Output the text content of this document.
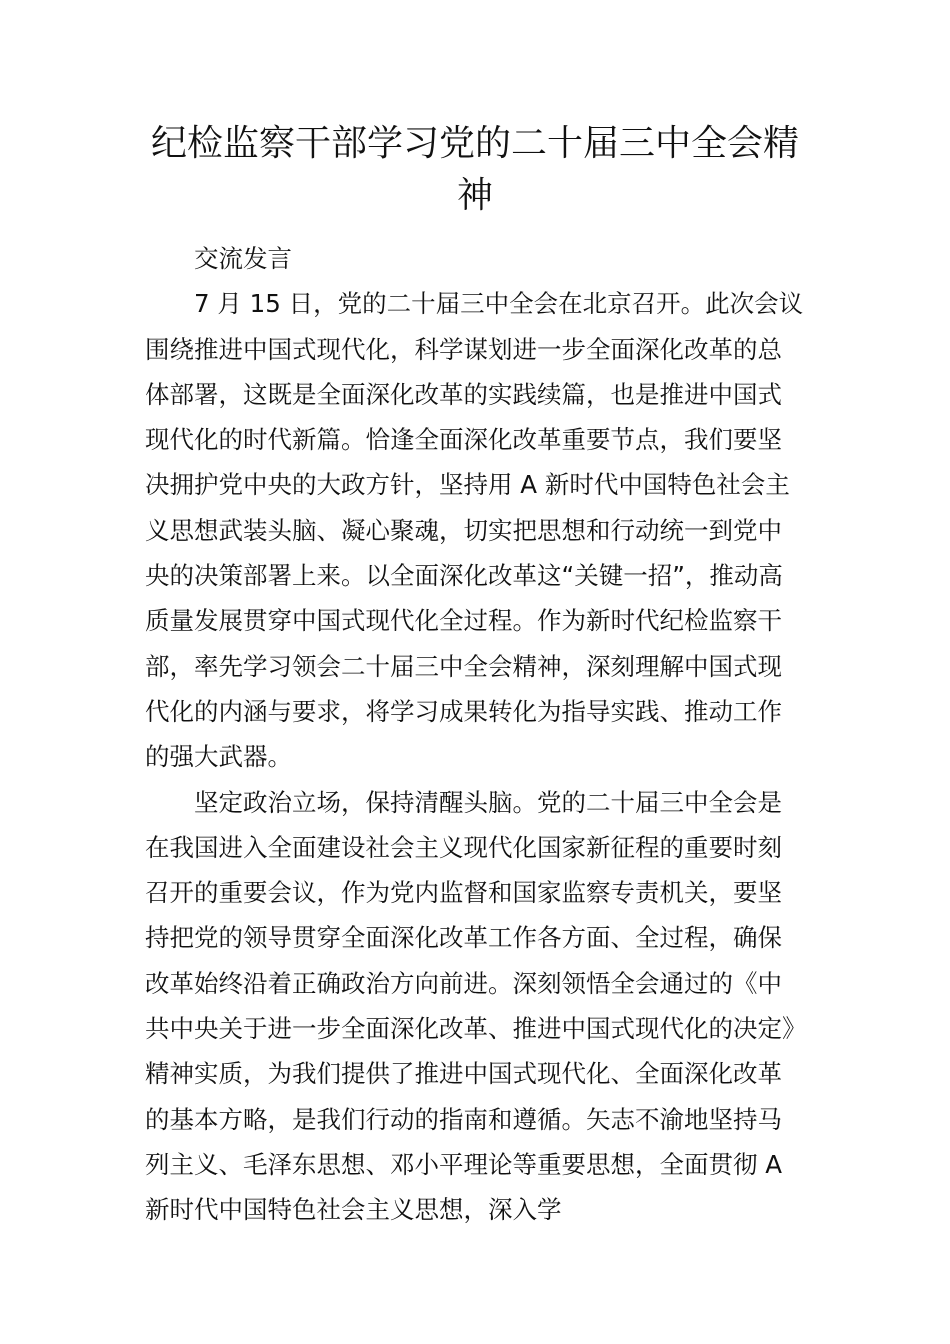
纪检监察干部学习党的二十届三中全会精神

交流发言

7 月 15 日，党的二十届三中全会在北京召开。此次会议围绕推进中国式现代化，科学谋划进一步全面深化改革的总体部署，这既是全面深化改革的实践续篇，也是推进中国式现代化的时代新篇。恰逢全面深化改革重要节点，我们要坚决拥护党中央的大政方针，坚持用 A 新时代中国特色社会主义思想武装头脑、凝心聚魂，切实把思想和行动统一到党中央的决策部署上来。以全面深化改革这“关键一招”，推动高质量发展贯穿中国式现代化全过程。作为新时代纪检监察干部，率先学习领会二十届三中全会精神，深刻理解中国式现代化的内涵与要求，将学习成果转化为指导实践、推动工作的强大武器。

坚定政治立场，保持清醒头脑。党的二十届三中全会是在我国进入全面建设社会主义现代化国家新征程的重要时刻召开的重要会议，作为党内监督和国家监察专责机关，要坚持把党的领导贯穿全面深化改革工作各方面、全过程，确保改革始终沿着正确政治方向前进。深刻领悟全会通过的《中共中央关于进一步全面深化改革、推进中国式现代化的决定》精神实质，为我们提供了推进中国式现代化、全面深化改革的基本方略，是我们行动的指南和遵循。矢志不渝地坚持马列主义、毛泽东思想、邓小平理论等重要思想，全面贯彻 A 新时代中国特色社会主义思想，深入学
